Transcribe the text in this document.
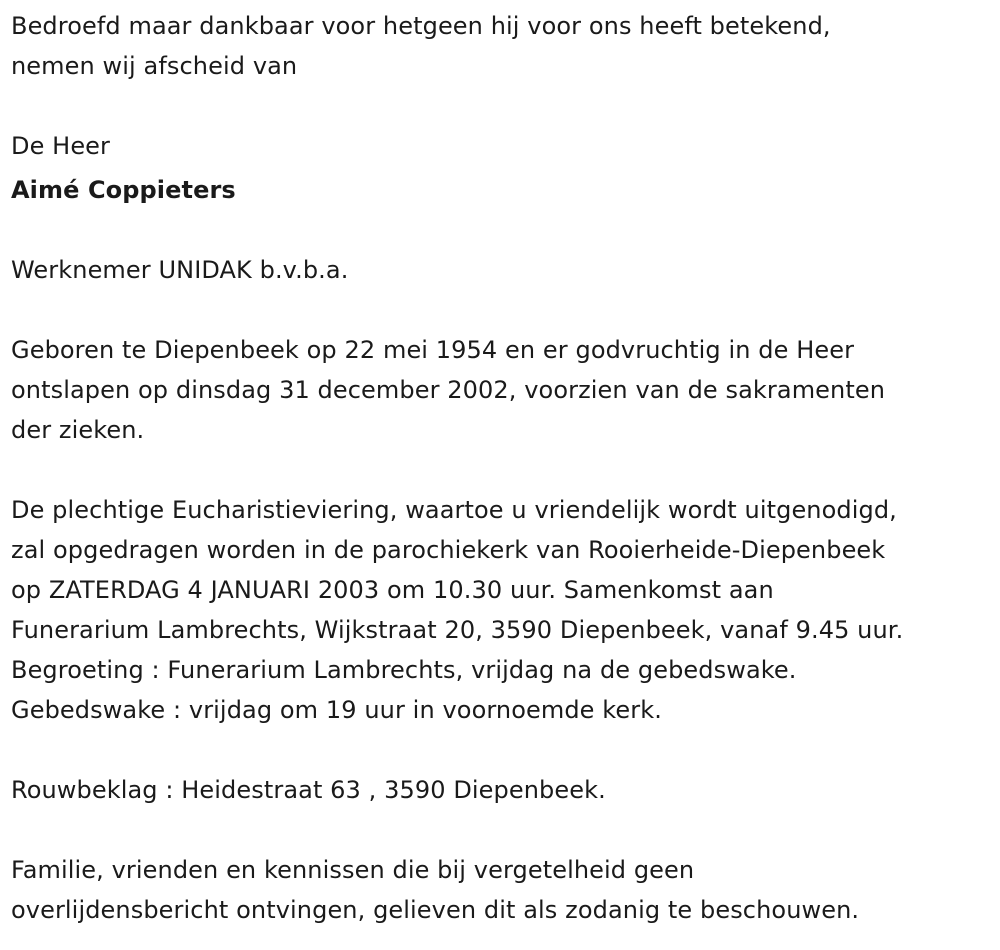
Bedroefd maar dankbaar voor hetgeen hij voor ons heeft betekend,
nemen wij afscheid van
De Heer
Aimé Coppieters
Werknemer UNIDAK b.v.b.a.
Geboren te Diepenbeek op 22 mei 1954 en er godvruchtig in de Heer
ontslapen op dinsdag 31 december 2002, voorzien van de sakramenten
der zieken.
De plechtige Eucharistieviering, waartoe u vriendelijk wordt uitgenodigd,
zal opgedragen worden in de parochiekerk van Rooierheide-Diepenbeek
op ZATERDAG 4 JANUARI 2003 om 10.30 uur. Samenkomst aan
Funerarium Lambrechts, Wijkstraat 20, 3590 Diepenbeek, vanaf 9.45 uur.
Begroeting : Funerarium Lambrechts, vrijdag na de gebedswake.
Gebedswake : vrijdag om 19 uur in voornoemde kerk.
Rouwbeklag : Heidestraat 63 , 3590 Diepenbeek.
Familie, vrienden en kennissen die bij vergetelheid geen
overlijdensbericht ontvingen, gelieven dit als zodanig te beschouwen.
